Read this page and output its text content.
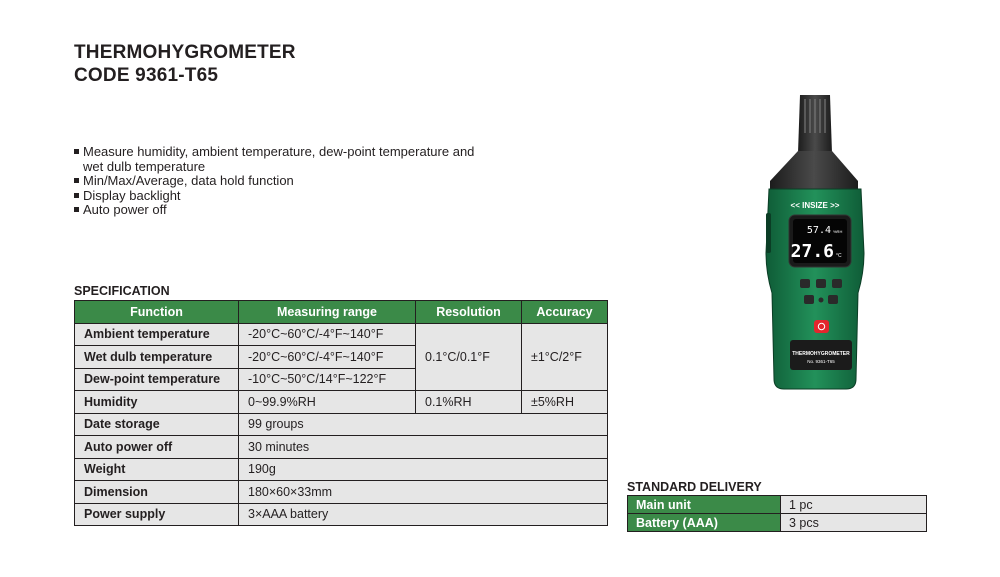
THERMOHYGROMETER
CODE 9361-T65
Measure humidity, ambient temperature, dew-point temperature and wet dulb temperature
Min/Max/Average, data hold function
Display backlight
Auto power off
SPECIFICATION
Function	Measuring range	Resolution	Accuracy
Ambient temperature	-20°C~60°C/-4°F~140°F	0.1°C/0.1°F	±1°C/2°F
Wet dulb temperature	-20°C~60°C/-4°F~140°F		
Dew-point temperature	-10°C~50°C/14°F~122°F		
Humidity	0~99.9%RH	0.1%RH	±5%RH
Date storage	99 groups		
Auto power off	30 minutes		
Weight	190g		
Dimension	180×60×33mm		
Power supply	3×AAA battery		
STANDARD DELIVERY
Main unit	1 pc
Battery (AAA)	3 pcs
<< INSIZE >>
57.4 %RH
27.6 °C
THERMOHYGROMETER
No. 9361-T65
